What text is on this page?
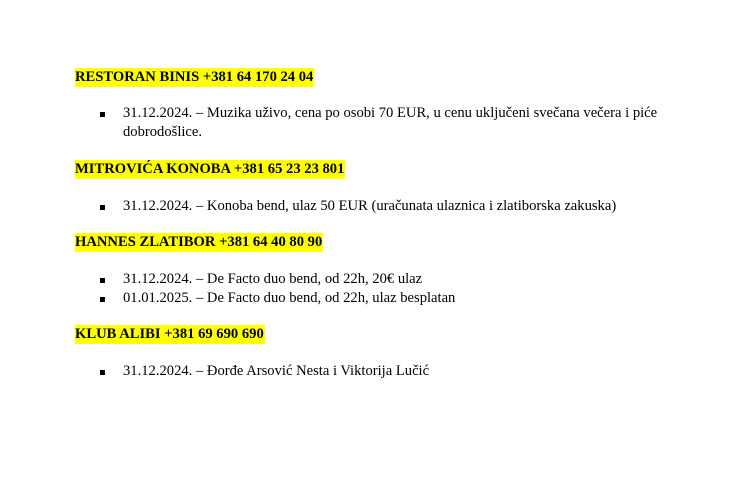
RESTORAN BINIS +381 64 170 24 04

31.12.2024. – Muzika uživo, cena po osobi 70 EUR, u cenu uključeni svečana večera i piće dobrodošlice.

MITROVIĆA KONOBA +381 65 23 23 801

31.12.2024. – Konoba bend, ulaz 50 EUR (uračunata ulaznica i zlatiborska zakuska)

HANNES ZLATIBOR +381 64 40 80 90

31.12.2024. – De Facto duo bend, od 22h, 20€ ulaz
01.01.2025. – De Facto duo bend, od 22h, ulaz besplatan

KLUB ALIBI +381 69 690 690

31.12.2024. – Đorđe Arsović Nesta i Viktorija Lučić
